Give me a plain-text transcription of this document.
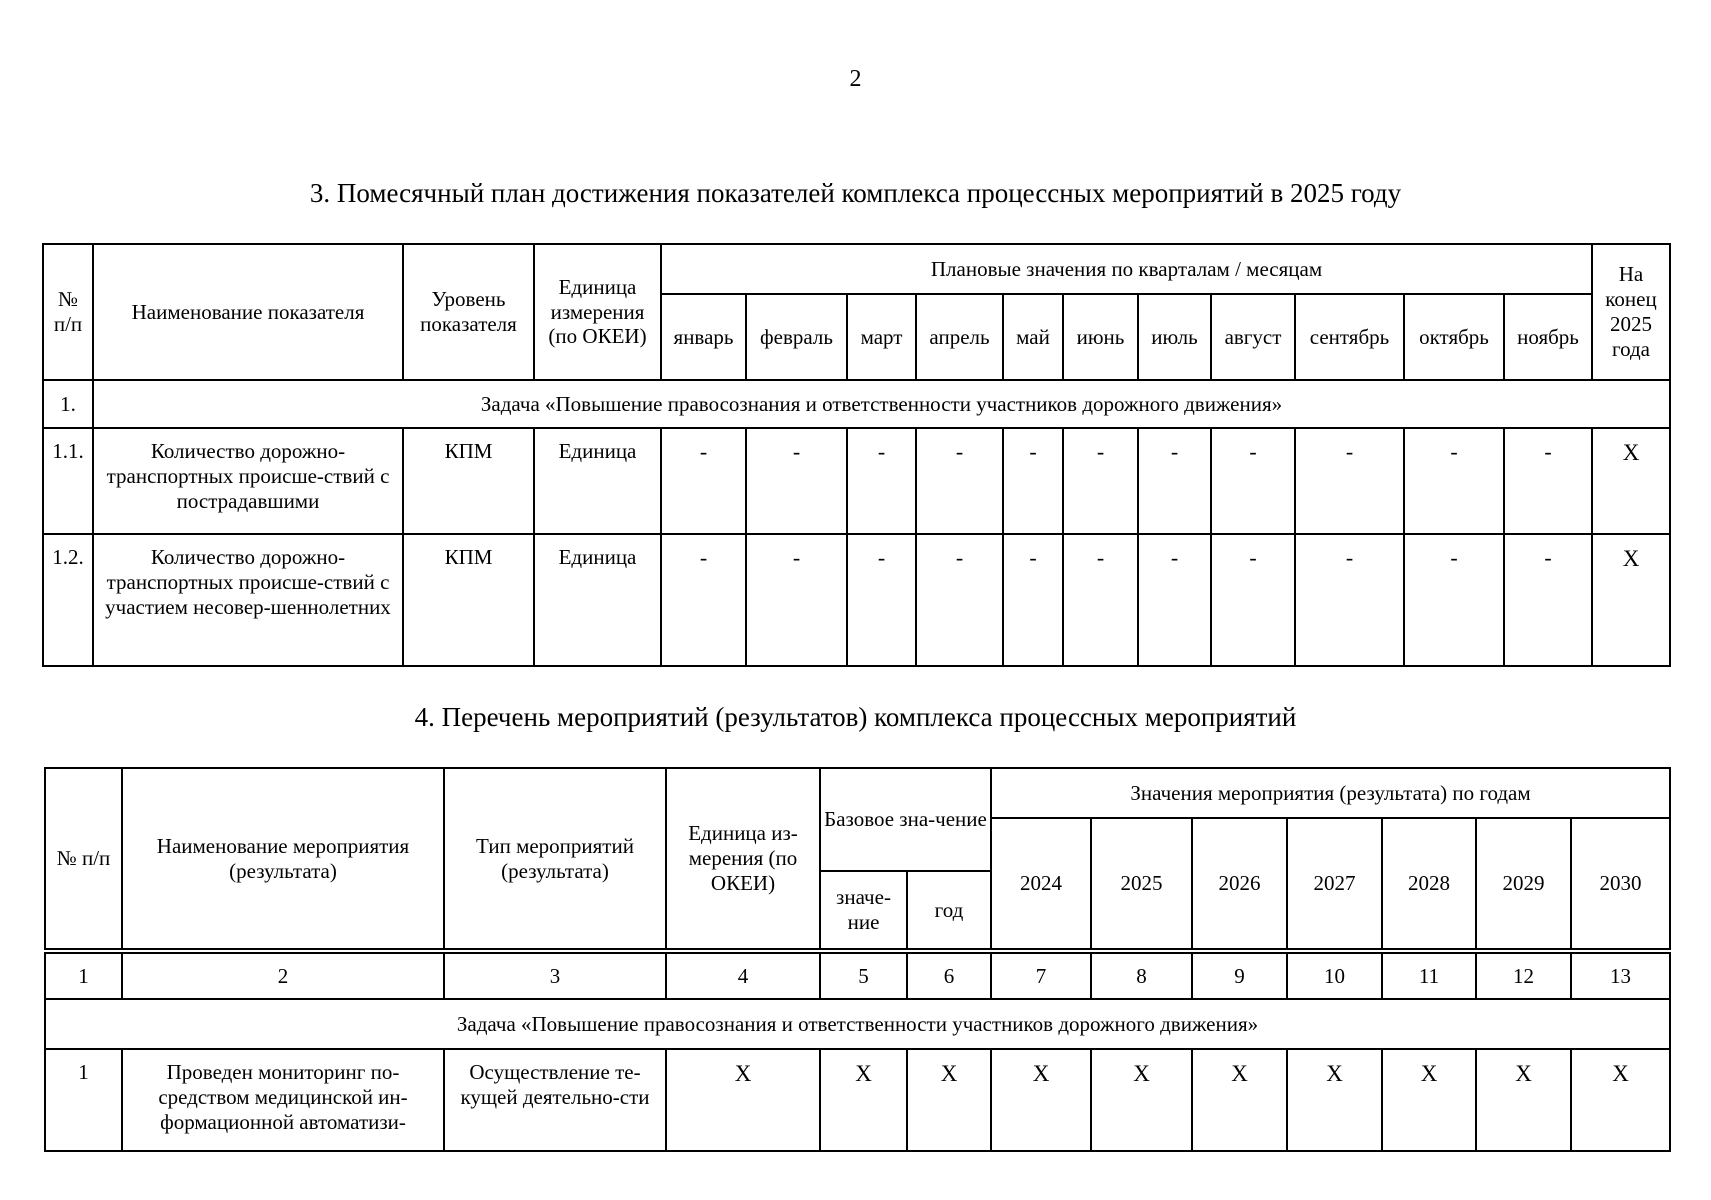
2
3. Помесячный план достижения показателей комплекса процессных мероприятий в 2025 году
№ п/п	Наименование показателя	Уровень показателя	Единица измерения (по ОКЕИ)	Плановые значения по кварталам / месяцам											На конец 2025 года
				январь	февраль	март	апрель	май	июнь	июль	август	сентябрь	октябрь	ноябрь	
1.	Задача «Повышение правосознания и ответственности участников дорожного движения»														
1.1.	Количество дорожно-транспортных происше-ствий с пострадавшими	КПМ	Единица	-	-	-	-	-	-	-	-	-	-	-	X
1.2.	Количество дорожно-транспортных происше-ствий с участием несовер-шеннолетних	КПМ	Единица	-	-	-	-	-	-	-	-	-	-	-	X
4. Перечень мероприятий (результатов) комплекса процессных мероприятий
№ п/п	Наименование мероприятия (результата)	Тип мероприятий (результата)	Единица из-мерения (по ОКЕИ)	Базовое зна-чение		Значения мероприятия (результата) по годам						
						2024	2025	2026	2027	2028	2029	2030
				значе-ние	год							

1	2	3	4	5	6	7	8	9	10	11	12	13
Задача «Повышение правосознания и ответственности участников дорожного движения»												
1	Проведен мониторинг по-средством медицинской ин-формационной автоматизи-	Осуществление те-кущей деятельно-сти	X	X	X	X	X	X	X	X	X	X
